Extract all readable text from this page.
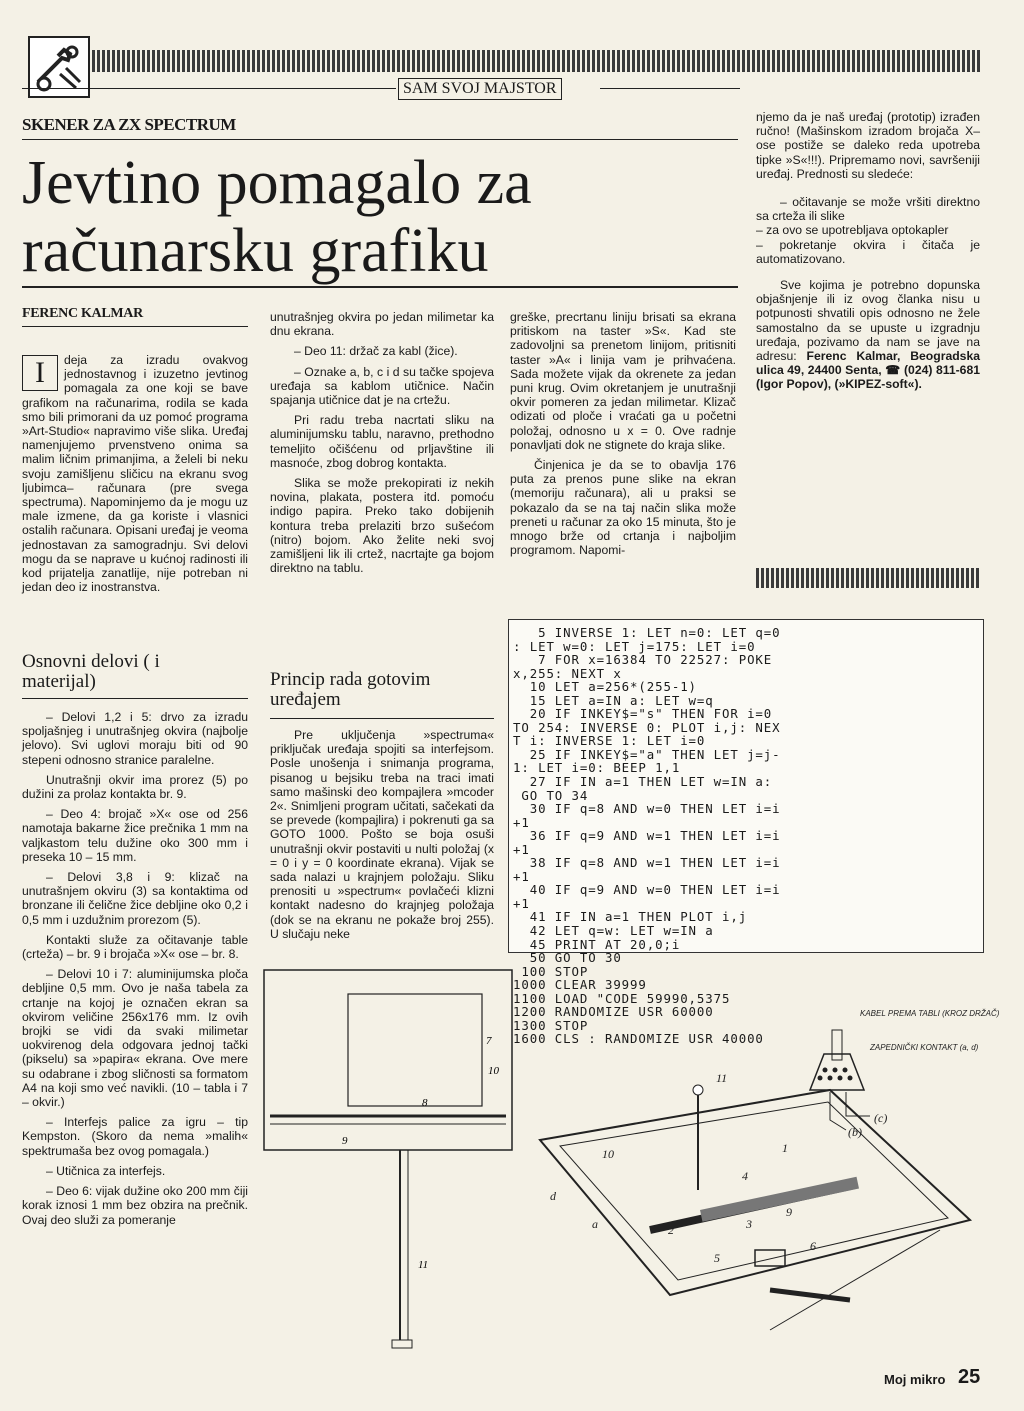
SAM SVOJ MAJSTOR
SKENER ZA ZX SPECTRUM
Jevtino pomagalo za
računarsku grafiku
FERENC KALMAR

I	deja za izradu ovakvog jednostavnog i izuzetno jevtinog pomagala za one koji se bave grafikom na računarima, rodila se kada smo bili primorani da uz pomoć programa »Art-Studio« napravimo više slika. Uređaj namenjujemo prvenstveno onima sa malim ličnim primanjima, a želeli bi neku svoju zamišljenu sličicu na ekranu svog ljubimca– računara (pre svega spectruma). Napominjemo da je mogu uz male izmene, da ga koriste i vlasnici ostalih računara. Opisani uređaj je veoma jednostavan za samogradnju. Svi delovi mogu da se naprave u kućnoj radinosti ili kod prijatelja zanatlije, nije potreban ni jedan deo iz inostranstva.

Osnovni delovi ( i materijal)

– Delovi 1,2 i 5: drvo za izradu spoljašnjeg i unutrašnjeg okvira (najbolje jelovo). Svi uglovi moraju biti od 90 stepeni odnosno stranice paralelne.

Unutrašnji okvir ima prorez (5) po dužini za prolaz kontakta br. 9.

– Deo 4: brojač »X« ose od 256 namotaja bakarne žice prečnika 1 mm na valjkastom telu dužine oko 300 mm i preseka 10 – 15 mm.

– Delovi 3,8 i 9: klizač na unutrašnjem okviru (3) sa kontaktima od bronzane ili čelične žice debljine oko 0,2 i 0,5 mm i uzdužnim prorezom (5).

Kontakti služe za očitavanje table (crteža) – br. 9 i brojača »X« ose – br. 8.

– Delovi 10 i 7: aluminijumska ploča debljine 0,5 mm. Ovo je naša tabela za crtanje na kojoj je označen ekran sa okvirom veličine 256x176 mm. Iz ovih brojki se vidi da svaki milimetar uokvirenog dela odgovara jednoj tački (pikselu) sa »papira« ekrana. Ove mere su odabrane i zbog sličnosti sa formatom A4 na koji smo već navikli. (10 – tabla i 7 – okvir.)

– Interfejs palice za igru – tip Kempston. (Skoro da nema »malih« spektrumaša bez ovog pomagala.)

– Utičnica za interfejs.

– Deo 6: vijak dužine oko 200 mm čiji korak iznosi 1 mm bez obzira na prečnik. Ovaj deo služi za pomeranje

unutrašnjeg okvira po jedan milimetar ka dnu ekrana.

– Deo 11: držač za kabl (žice).

– Oznake a, b, c i d su tačke spojeva uređaja sa kablom utičnice. Način spajanja utičnice dat je na crtežu.

Pri radu treba nacrtati sliku na aluminijumsku tablu, naravno, prethodno temeljito očišćenu od prljavštine ili masnoće, zbog dobrog kontakta.

Slika se može prekopirati iz nekih novina, plakata, postera itd. pomoću indigo papira. Preko tako dobijenih kontura treba prelaziti brzo sušećom (nitro) bojom. Ako želite neki svoj zamišljeni lik ili crtež, nacrtajte ga bojom direktno na tablu.

Princip rada gotovim uređajem

Pre uključenja »spectruma« priključak uređaja spojiti sa interfejsom. Posle unošenja i snimanja programa, pisanog u bejsiku treba na traci imati samo mašinski deo kompajlera »mcoder 2«. Snimljeni program učitati, sačekati da se prevede (kompajlira) i pokrenuti ga sa GOTO 1000. Pošto se boja osuši unutrašnji okvir postaviti u nulti položaj (x = 0 i y = 0 koordinate ekrana). Vijak se sada nalazi u krajnjem položaju. Sliku prenositi u »spectrum« povlačeći klizni kontakt nadesno do krajnjeg položaja (dok se na ekranu ne pokaže broj 255). U slučaju neke

greške, precrtanu liniju brisati sa ekrana pritiskom na taster »S«. Kad ste zadovoljni sa prenetom linijom, pritisniti taster »A« i linija vam je prihvaćena. Sada možete vijak da okrenete za jedan puni krug. Ovim okretanjem je unutrašnji okvir pomeren za jedan milimetar. Klizač odizati od ploče i vraćati ga u početni položaj, odnosno u x = 0. Ove radnje ponavljati dok ne stignete do kraja slike.

Činjenica je da se to obavlja 176 puta za prenos pune slike na ekran (memoriju računara), ali u praksi se pokazalo da se na taj način slika može preneti u računar za oko 15 minuta, što je mnogo brže od crtanja i najboljim programom. Napomi-

njemo da je naš uređaj (prototip) izrađen ručno! (Mašinskom izradom brojača X–ose postiže se daleko reda upotreba tipke »S«!!!). Pripremamo novi, savršeniji uređaj. Prednosti su sledeće:

– očitavanje se može vršiti direktno sa crteža ili slike

– za ovo se upotrebljava optokapler

– pokretanje okvira i čitača je automatizovano.

Sve kojima je potrebno dopunska objašnjenje ili iz ovog članka nisu u potpunosti shvatili opis odnosno ne žele samostalno da se upuste u izgradnju uređaja, pozivamo da nam se jave na adresu: Ferenc Kalmar, Beogradska ulica 49, 24400 Senta, ☎ (024) 811-681 (Igor Popov), (»KIPEZ-soft«).

5 INVERSE 1: LET n=0: LET q=0
: LET w=0: LET j=175: LET i=0
7 FOR x=16384 TO 22527: POKE
x,255: NEXT x
10 LET a=256*(255-1)
15 LET a=IN a: LET w=q
20 IF INKEY$="s" THEN FOR i=0
TO 254: INVERSE 0: PLOT i,j: NEX
T i: INVERSE 1: LET i=0
25 IF INKEY$="a" THEN LET j=j-
1: LET i=0: BEEP 1,1
27 IF IN a=1 THEN LET w=IN a:
GO TO 34
30 IF q=8 AND w=0 THEN LET i=i
+1
36 IF q=9 AND w=1 THEN LET i=i
+1
38 IF q=8 AND w=1 THEN LET i=i
+1
40 IF q=9 AND w=0 THEN LET i=i
+1
41 IF IN a=1 THEN PLOT i,j
42 LET q=w: LET w=IN a
45 PRINT AT 20,0;i
50 GO TO 30
100 STOP
1000 CLEAR 39999
1100 LOAD "CODE 59990,5375
1200 RANDOMIZE USR 60000
1300 STOP
1600 CLS : RANDOMIZE USR 40000
7
10
8
9
11
11
10	1
4
d
a	2	3
5
6
9
KABEL PREMA TABLI (KROZ DRŽAČ)
ZAPEDNIČKI KONTAKT (a, d)
(b)
(c)
Moj mikro 25
